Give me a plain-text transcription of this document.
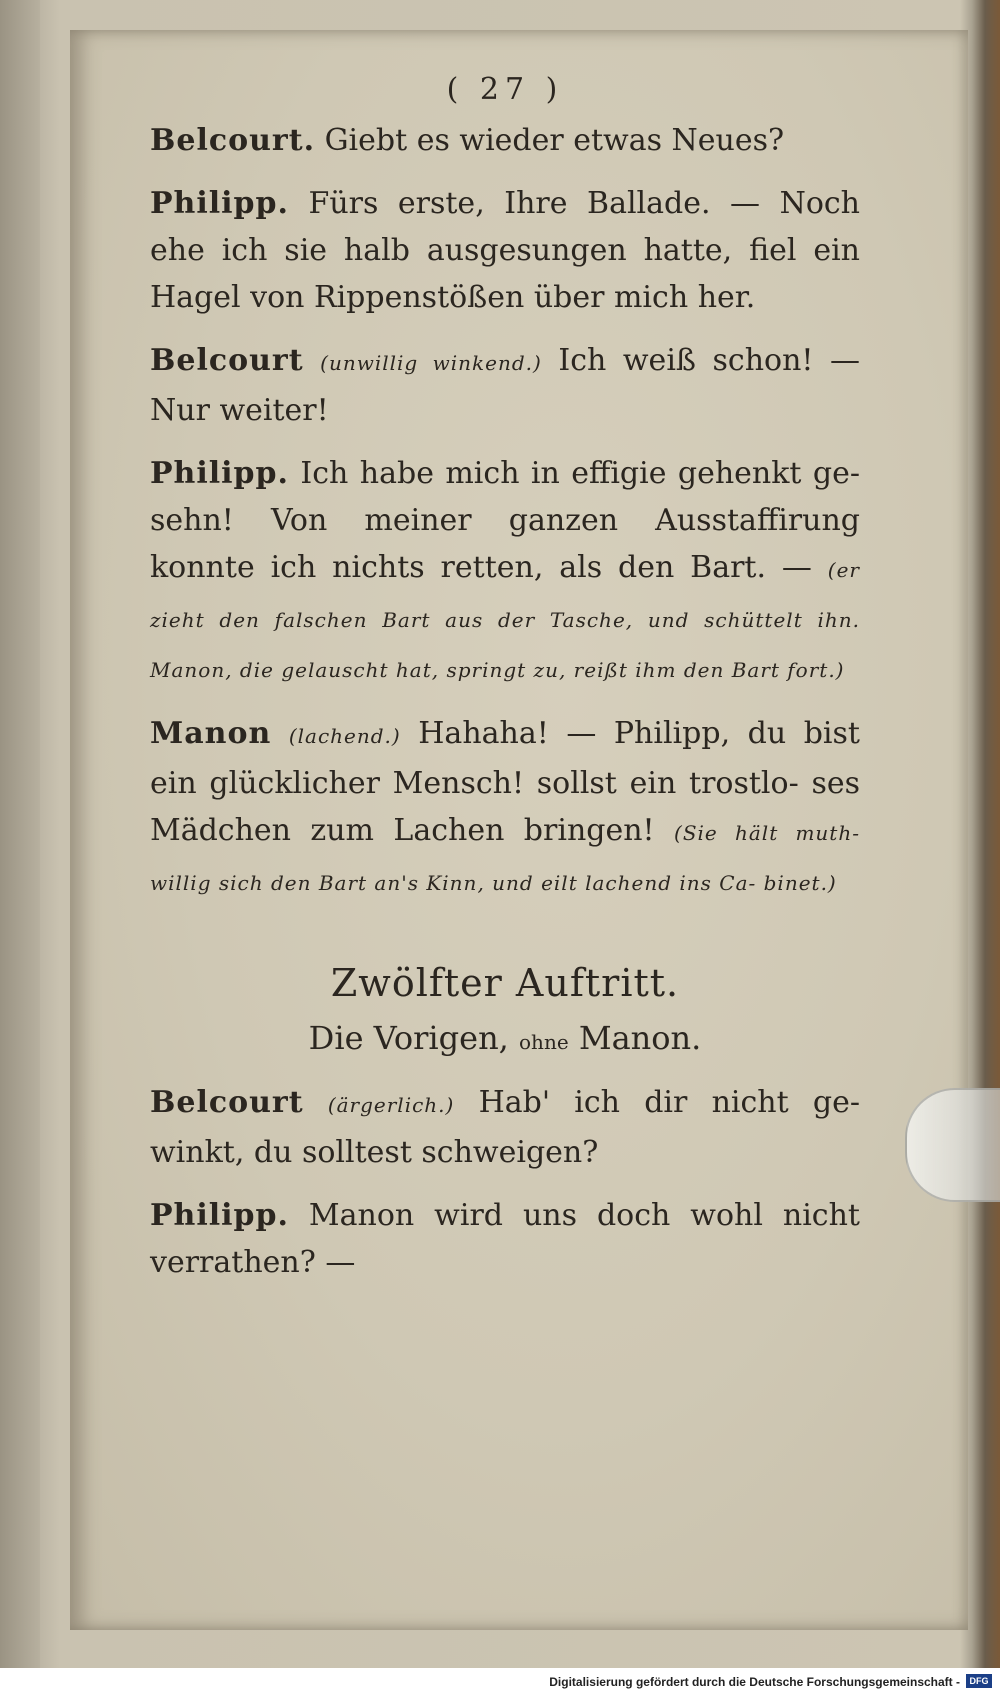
( 27 )

Belcourt. Giebt es wieder etwas Neues?

Philipp. Fürs erste, Ihre Ballade. — Noch ehe ich sie halb ausgesungen hatte, fiel ein Hagel von Rippenstößen über mich her.

Belcourt (unwillig winkend.) Ich weiß schon! — Nur weiter!

Philipp. Ich habe mich in effigie gehenkt ge- sehn! Von meiner ganzen Ausstaffirung konnte ich nichts retten, als den Bart. — (er zieht den falschen Bart aus der Tasche, und schüttelt ihn. Manon, die gelauscht hat, springt zu, reißt ihm den Bart fort.)

Manon (lachend.) Hahaha! — Philipp, du bist ein glücklicher Mensch! sollst ein trostlo- ses Mädchen zum Lachen bringen! (Sie hält muth- willig sich den Bart an's Kinn, und eilt lachend ins Ca- binet.)

Zwölfter Auftritt.
Die Vorigen, ohne Manon.

Belcourt (ärgerlich.) Hab' ich dir nicht ge- winkt, du solltest schweigen?

Philipp. Manon wird uns doch wohl nicht verrathen? —

Digitalisierung gefördert durch die Deutsche Forschungsgemeinschaft -	DFG
